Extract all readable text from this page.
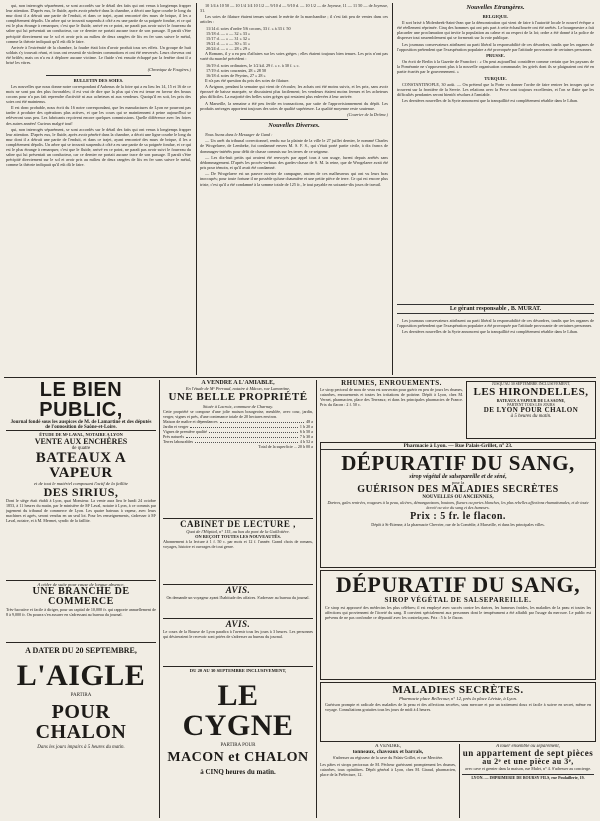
qui, non interrogés séparément, se sont accordés sur le détail des faits qui ont venus à longtemps frapper leur attention. D'après eux, le fluide, après avoir pénétré dans la chambre, a décrit une ligne courbe le long du mur dont il a détruit une partie de l'enduit, et dans ce trajet, ayant rencontré des murs de brique, il les a complètement dépolis. Un arbre qui se trouvait suspendu à côté a eu une partie de sa poignée fondue, et ce qui est le plus étrange à remarquer, c'est que le fluide, arrivé en ce point, ne paraît pas avoir suivi le fourreau du sabre qui lui présentait un conducteur, car ce dernier ne portait aucune trace de son passage. Il paraît s'être précipité directement sur le sol et avoir pris au milieu de deux rangées de lits en fer sans suivre le métal, comme la théorie indiquait qu'il eût dû le faire.

Arrivée à l'extrémité de la chambre, la foudre était loin d'avoir produit tous ses effets. Un groupe de huit soldats s'y trouvait réuni, et tous ont ressenti de violentes commotions et ont été renversés. Leurs cheveux ont été brûlés; mais on n'a eu à déplorer aucune victime. Le fluide s'est ensuite échappé par la fenêtre dont il a brisé les vitres.

(Chronique de Fougères.)

BULLETIN DES SOIES.

Les nouvelles que nous donne notre correspondant d'Aubenas de la foire qui a eu lieu les 14, 15 et 16 de ce mois ne sont pas des plus favorables; il est vrai de dire que la plus qui s'en est tenue en faveur des beaux cocons pour n'a pas fait reprendre d'activité ni aux acheteurs ni aux vendeurs. Quoiqu'il en soit, les prix des soies ont été maintenus.

Il est donc probable, nous écrit du 16 notre correspondant, que les manufactures de Lyon ne pourront pas tarder à produire des opérations plus actives, et que les cours qui se maintiennent à peine aujourd'hui se relèveront sous peu. Les fabricants reçoivent encore quelques commissions. Quelle différence avec les foires des autres années! Curieux malgré tout!

qui, non interrogés séparément, se sont accordés sur le détail des faits qui ont venus à longtemps frapper leur attention. D'après eux, le fluide, après avoir pénétré dans la chambre, a décrit une ligne courbe le long du mur dont il a détruit une partie de l'enduit, et dans ce trajet, ayant rencontré des murs de brique, il les a complètement dépolis. Un arbre qui se trouvait suspendu à côté a eu une partie de sa poignée fondue, et ce qui est le plus étrange à remarquer, c'est que le fluide, arrivé en ce point, ne paraît pas avoir suivi le fourreau du sabre qui lui présentait un conducteur, car ce dernier ne portait aucune trace de son passage. Il paraît s'être précipité directement sur le sol et avoir pris au milieu de deux rangées de lits en fer sans suivre le métal, comme la théorie indiquait qu'il eût dû le faire.

10 1/4 à 10 50 — 10 1/4 1/4 10 1/2 — 9/10 d — 9/10 d. — 10 1/2 — de Joyeuse, 11 — 11 50 — de Joyeuse, 31.

Les soies de filature étaient tenues suivant le mérite de la marchandise ; il s'est fait peu de ventes dans ces articles :

11/14 d. soies d'ordre 5/6 cocons, 33 f. » à 33 f. 50
15/18 d. — » — 32 » 33 »
15/17 d. — » — 31 » 32 »
19/21 d. — » — 30 » 31 »
20/24 d. — » — 28 » 29 »

A Romans, il y a eu peu d'affaires sur les soies grèges ; elles étaient toujours bien tenues. Les prix n'ont pas varié du marché précédent :

16/19 d. soies ordinaires, le 1/2 kil. 29 f. » c. à 30 f. » c.
17/19 d. soies courantes, 28 » 28 50
16/18 d. soies de Peyrins, 27 » 28 »

Il n'a pas été question du prix des soies de filature.

A Avignon, pendant la semaine qui vient de s'écouler, les achats ont été moins suivis, et les prix, sans avoir éprouvé de baisse marquée, se discutaient plus facilement; les vendeurs étaient moins fermes et les acheteurs plus difficiles. La majorité des belles soies grèges qui restaient plus enlevées à leur arrivée.

A Marseille, la semaine a été peu fertile en transactions, par suite de l'approvisionnement du dépôt. Les produits arrivages apportent toujours des soies de qualité supérieure. La qualité moyenne reste soutenue.

(Courrier de la Drôme.)

Nouvelles Diverses.

Nous lisons dans le Messager de Gand :

— Un arrêt du tribunal correctionnel, rendu sur la plainte de la ville le 27 juillet dernier, le nommé Charles de Wrogelaere, de Lembeke, fut condamné envers M. S. F. S., qui s'était porté partie civile, à dix francs de dommages-intérêts pour défit de chasse commis sur les terres de ce seigneur.

— Les dix-huit petits qui avaient été renvoyés par appel tous à son usage, furent depuis arrêtés sans dédommagement. D'après les procès-verbaux des gardes-chasse de S. M. la reine, que de Wrogelaere avait été pris pour témoin, et qu'il avait été condamné.

— De Wrogelaere est un pauvre ouvrier de campagne, ancien de ces malheureux qui ont vu leurs bras inoccupés; pour toute fortune il ne possède qu'une chaumière et une petite pièce de terre. Ce qui est encore plus triste, c'est qu'il a été condamné à la somme totale de 125 fr., le tout payable en soixante-dix jours de travail.

Nouvelles Etrangères.
BELGIQUE.

Il sort brisé à Molenbeek-Saint-Jean que la démonstration qui vient de faire à l'autorité locale le nouvel évêque a été réellement réprimée. Cinq des hommes qui ont pris part à cette échauffourée ont été arrêtés. Le bourgmestre a fait placarder une proclamation qui invite la population au calme et au respect de la loi; ordre a été donné à la police de disperser tout rassemblement qui se formerait sur la voie publique.

Les journaux conservateurs attribuent au parti libéral la responsabilité de ces désordres, tandis que les organes de l'opposition prétendent que l'exaspération populaire a été provoquée par l'attitude provocante de certaines personnes.

PRUSSE.

On écrit de Berlin à la Gazette de Francfort : « On peut aujourd'hui considérer comme certain que les paysans de la Poméranie ne s'opposeront plus à la nouvelle organisation communale; les griefs dont ils se plaignaient ont été en partie écartés par le gouvernement. »

TURQUIE.

CONSTANTINOPLE, 30 août. — On prétend que la Porte va donner l'ordre de faire rentrer les troupes qui se trouvent sur la frontière de la Servie. Les relations avec la Perse sont toujours excellentes, et l'on se flatte que les difficultés pendantes seront bientôt résolues à l'amiable.

Les dernières nouvelles de la Syrie annoncent que la tranquillité est complètement rétablie dans le Liban.

Le gérant responsable , B. MURAT.

Les journaux conservateurs attribuent au parti libéral la responsabilité de ces désordres, tandis que les organes de l'opposition prétendent que l'exaspération populaire a été provoquée par l'attitude provocante de certaines personnes.

Les dernières nouvelles de la Syrie annoncent que la tranquillité est complètement rétablie dans le Liban.

LE BIEN PUBLIC,
Journal fondé sous les auspices de M. de Lamartine et des députés
de l'opposition de Saône-et-Loire.
ÉTUDE DE Mᵉ LAVAL, NOTAIRE A LYON
VENTE AUX ENCHÈRES
de quatre
BATEAUX A VAPEUR
et de tout le matériel composant l'actif de la faillite
DES SIRIUS,
Dont le siège était établi à Lyon, quai Monsieur. La vente aura lieu le lundi 24 octobre 1853, à 11 heures du matin, par le ministère de Mᵉ Laval, notaire à Lyon, à ce commis par jugement du tribunal de commerce de Lyon. Les quatre bateaux à vapeur, avec leurs machines et agrès, seront vendus en un seul lot. Pour les renseignements, s'adresser à Mᵉ Laval, notaire, et à M. Mermet, syndic de la faillite.
A céder de suite pour cause de longue absence,
UNE BRANCHE DE COMMERCE
Très-lucrative et facile à diriger, pour un capital de 10,000 fr. qui rapporte annuellement de 8 à 9,000 fr. On pourra s'en assurer en s'adressant au bureau du journal.
A DATER DU 20 SEPTEMBRE,
L'AIGLE
PARTIRA
POUR CHALON
Dans les jours impairs à 5 heures du matin.
A VENDRE A L'AMIABLE,
En l'étude de Mᵉ Perraud, notaire à Mâcon, rue Lamartine,
UNE BELLE PROPRIÉTÉ
Située à Lacroix, commune de Charnay.
Cette propriété se compose d'une jolie maison bourgeoise, meublée, avec cour, jardin, verger, vignes et prés, d'une contenance totale de 20 hectares environ.
Maison de maître et dépendances	48 a
Jardin et verger	1 h 20 a
Vignes de première qualité	6 h 50 a
Prés naturels	7 h 30 a
Terres labourables	4 h 52 a
Total de la superficie ... 20 h 00 a
CABINET DE LECTURE ,
Quai de l'Hôpital, n° 115, au bas du pont de la Guillotière.
ON REÇOIT TOUTES LES NOUVEAUTÉS.
Abonnement à la lecture à 1 f. 50 c. par mois et 12 f. l'année. Grand choix de romans, voyages, histoire et ouvrages de tout genre.
AVIS.
On demande un voyageur ayant l'habitude des affaires. S'adresser au bureau du journal.
AVIS.
Le cours de la Bourse de Lyon paraîtra à l'avenir tous les jours à 3 heures. Les personnes qui désireraient le recevoir sont priées de s'adresser au bureau du journal.
DU 20 AU 30 SEPTEMBRE INCLUSIVEMENT,
LE CYGNE
PARTIRA POUR
MACON et CHALON
à CINQ heures du matin.
RHUMES, ENROUEMENTS.
Le sirop pectoral de mou de veau est souverain pour guérir en peu de jours les rhumes, catarrhes, enrouements et toutes les irritations de poitrine. Dépôt à Lyon, chez M. Vernet, pharmacien, place des Terreaux; et dans les principales pharmacies de France. Prix du flacon : 2 f. 50 c.
JUSQU'AU 30 SEPTEMBRE INCLUSIVEMENT,
LES HIRONDELLES,
BATEAUX A VAPEUR DE LA SAONE,
PARTENT TOUS LES JOURS
DE LYON POUR CHALON
à 5 heures du matin.
Pharmacie à Lyon. — Rue Palais-Grillet, n° 23.
DÉPURATIF DU SANG,
sirop végétal de salsepareille et de séné,
pour la
GUÉRISON DES MALADIES SECRÈTES
NOUVELLES OU ANCIENNES,
Dartres, gales rentrées, rougeurs à la peau, ulcères, démangeaisons, boutons, flueurs ou pertes blanches, les plus rebelles affections rhumatismales, et de toute âcreté ou vice du sang et des humeurs.
Prix : 5 fr. le flacon.
Dépôt à St-Etienne, à la pharmacie Chevrier, rue de la Comédie, à Marseille, et dans les principales villes.
DÉPURATIF DU SANG,
SIROP VÉGÉTAL DE SALSEPAREILLE.
Ce sirop est approuvé des médecins les plus célèbres; il est employé avec succès contre les dartres, les humeurs froides, les maladies de la peau et toutes les affections qui proviennent de l'âcreté du sang. Il convient spécialement aux personnes dont le tempérament a été affaibli par l'usage du mercure. Le public est prévenu de ne pas confondre ce dépuratif avec les contrefaçons. Prix : 5 fr. le flacon.
MALADIES SECRÈTES.
Pharmacie place Bellecour, n° 12, près la place Léviste, à Lyon.
Guérison prompte et radicale des maladies de la peau et des affections secrètes, sans mercure et par un traitement doux et facile à suivre en secret, même en voyage. Consultations gratuites tous les jours de midi à 4 heures.
A VENDRE,
tonneaux, chaveaux et barrals,
S'adresser au régisseur de la cave du Palais-Grillet, et rue Mercière.
Les pâtes et sirops pectoraux de M. Pécheur guérissent promptement les rhumes, catarrhes, toux opiniâtres. Dépôt général à Lyon, chez M. Giraud, pharmacien, place de la Préfecture, 12.
A louer ensemble ou séparément,
un appartement de sept pièces
au 2ᵉ et une pièce au 3ᵉ,
avec cave et grenier dans la maison, rue Mulet, n° 4. S'adresser au concierge.
LYON. — IMPRIMERIE DE BOURSY FILS, rue Poulaillerie, 19.
